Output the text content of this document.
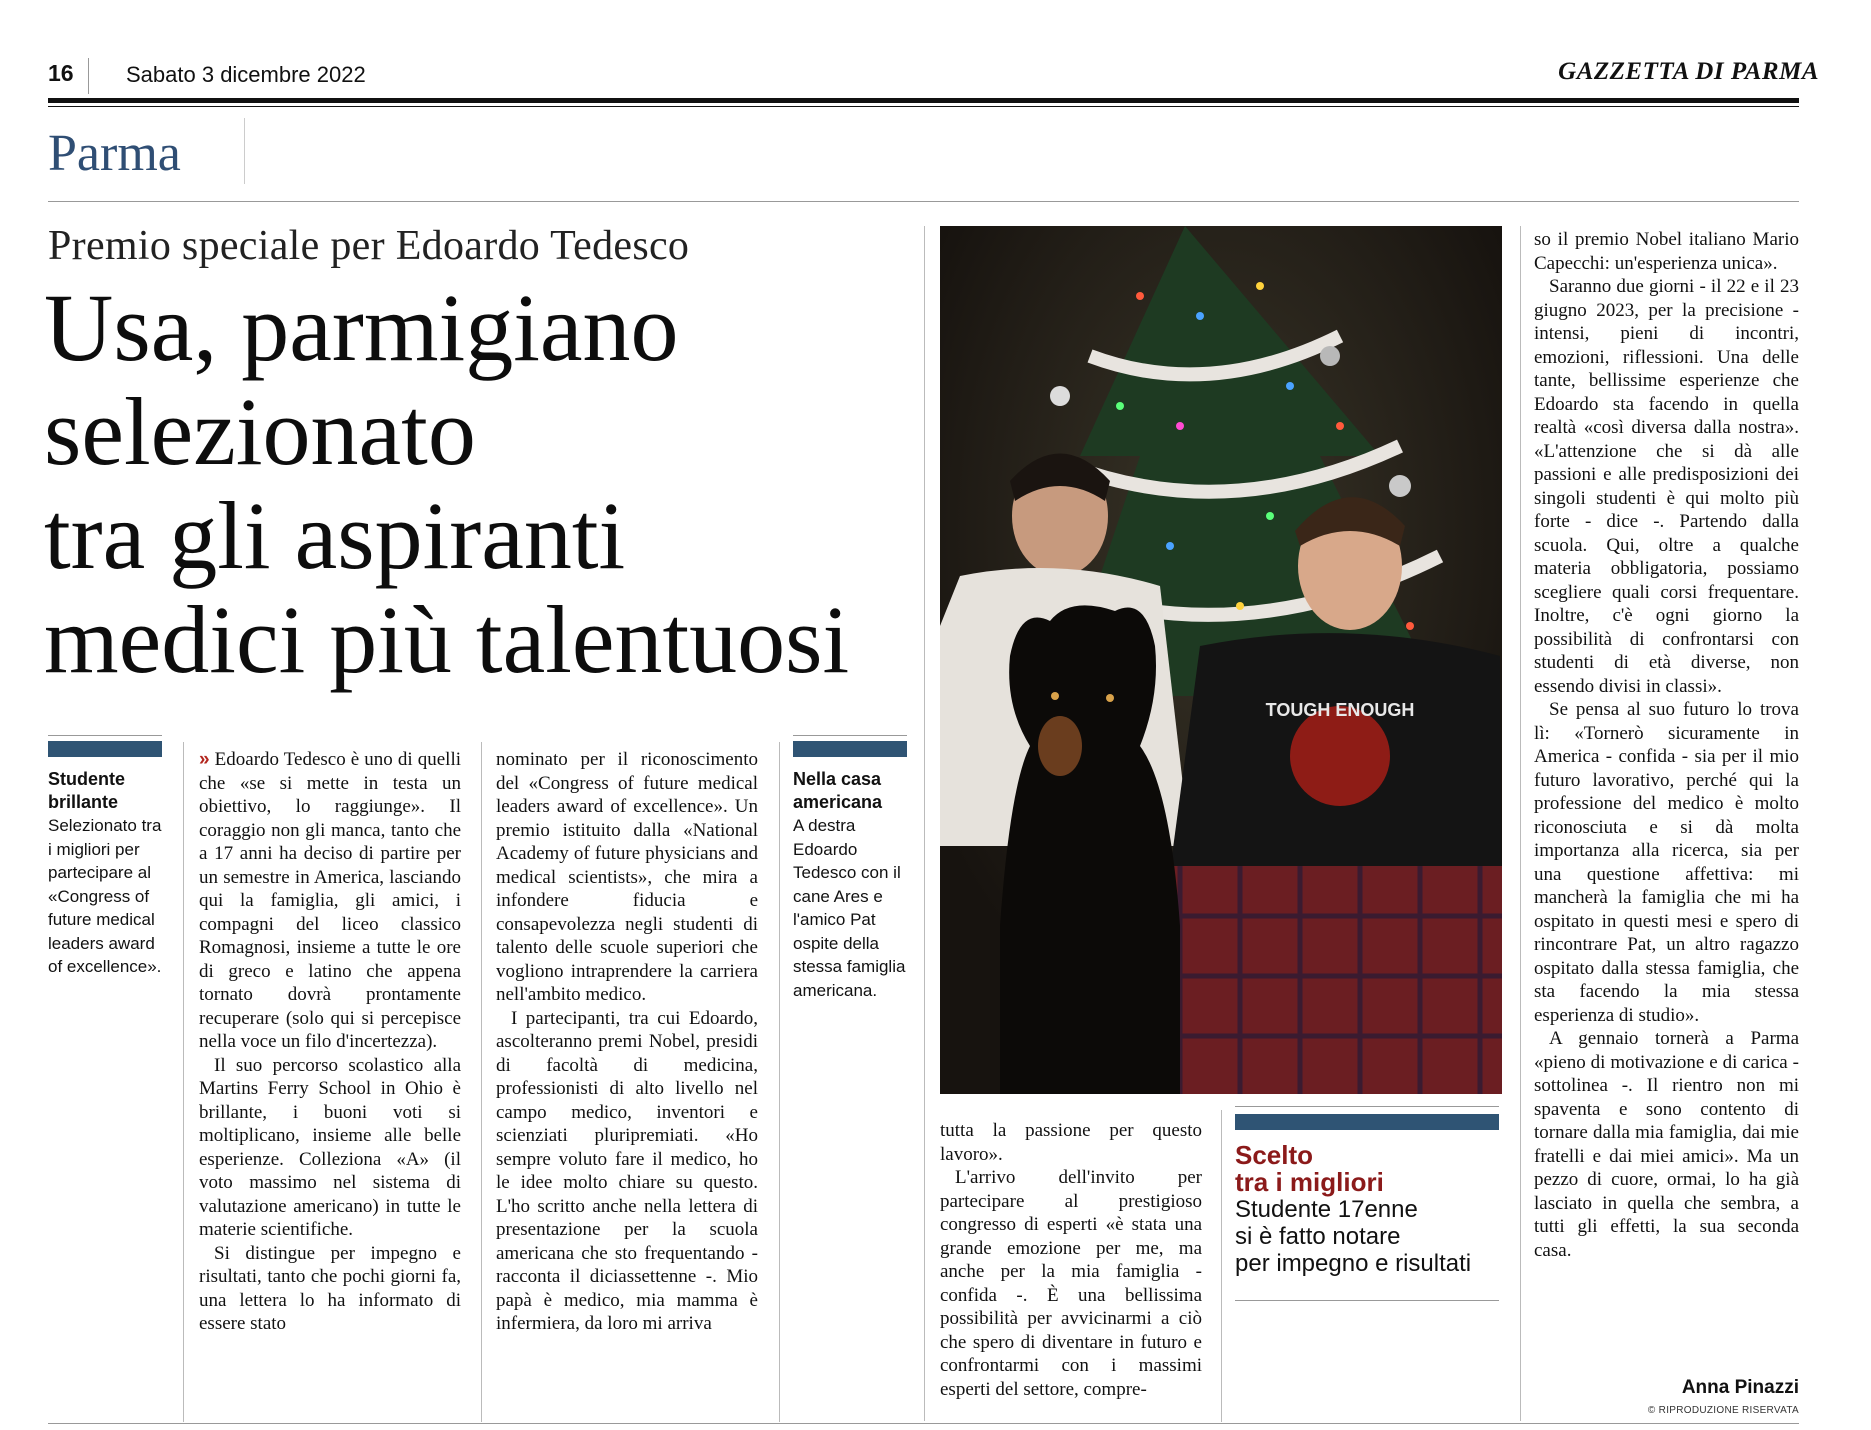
16 Sabato 3 dicembre 2022	GAZZETTA DI PARMA
Parma
Premio speciale per Edoardo Tedesco
Usa, parmigiano
selezionato
tra gli aspiranti
medici più talentuosi
Studente
brillante
Selezionato tra i migliori per partecipare al «Congress of future medical leaders award of excellence».

» Edoardo Tedesco è uno di quelli che «se si mette in testa un obiettivo, lo raggiunge». Il coraggio non gli manca, tanto che a 17 anni ha deciso di partire per un semestre in America, lasciando qui la famiglia, gli amici, i compagni del liceo classico Romagnosi, insieme a tutte le ore di greco e latino che appena tornato dovrà prontamente recuperare (solo qui si percepisce nella voce un filo d'incertezza).

Il suo percorso scolastico alla Martins Ferry School in Ohio è brillante, i buoni voti si moltiplicano, insieme alle belle esperienze. Colleziona «A» (il voto massimo nel sistema di valutazione americano) in tutte le materie scientifiche.

Si distingue per impegno e risultati, tanto che pochi giorni fa, una lettera lo ha informato di essere stato

nominato per il riconoscimento del «Congress of future medical leaders award of excellence». Un premio istituito dalla «National Academy of future physicians and medical scientists», che mira a infondere fiducia e consapevolezza negli studenti di talento delle scuole superiori che vogliono intraprendere la carriera nell'ambito medico.

I partecipanti, tra cui Edoardo, ascolteranno premi Nobel, presidi di facoltà di medicina, professionisti di alto livello nel campo medico, inventori e scienziati pluripremiati. «Ho sempre voluto fare il medico, ho le idee molto chiare su questo. L'ho scritto anche nella lettera di presentazione per la scuola americana che sto frequentando - racconta il diciassettenne -. Mio papà è medico, mia mamma è infermiera, da loro mi arriva

Nella casa
americana
A destra Edoardo Tedesco con il cane Ares e l'amico Pat ospite della stessa famiglia americana.
TOUGH ENOUGH

tutta la passione per questo lavoro».

L'arrivo dell'invito per partecipare al prestigioso congresso di esperti «è stata una grande emozione per me, ma anche per la mia famiglia - confida -. È una bellissima possibilità per avvicinarmi a ciò che spero di diventare in futuro e confrontarmi con i massimi esperti del settore, compre-

Scelto
tra i migliori
Studente 17enne
si è fatto notare
per impegno e risultati

so il premio Nobel italiano Mario Capecchi: un'esperienza unica».

Saranno due giorni - il 22 e il 23 giugno 2023, per la precisione - intensi, pieni di incontri, emozioni, riflessioni. Una delle tante, bellissime esperienze che Edoardo sta facendo in quella realtà «così diversa dalla nostra». «L'attenzione che si dà alle passioni e alle predisposizioni dei singoli studenti è qui molto più forte - dice -. Partendo dalla scuola. Qui, oltre a qualche materia obbligatoria, possiamo scegliere quali corsi frequentare. Inoltre, c'è ogni giorno la possibilità di confrontarsi con studenti di età diverse, non essendo divisi in classi».

Se pensa al suo futuro lo trova lì: «Tornerò sicuramente in America - confida - sia per il mio futuro lavorativo, perché qui la professione del medico è molto riconosciuta e si dà molta importanza alla ricerca, sia per una questione affettiva: mi mancherà la famiglia che mi ha ospitato in questi mesi e spero di rincontrare Pat, un altro ragazzo ospitato dalla stessa famiglia, che sta facendo la mia stessa esperienza di studio».

A gennaio tornerà a Parma «pieno di motivazione e di carica - sottolinea -. Il rientro non mi spaventa e sono contento di tornare dalla mia famiglia, dai mie fratelli e dai miei amici». Ma un pezzo di cuore, ormai, lo ha già lasciato in quella che sembra, a tutti gli effetti, la sua seconda casa.

Anna Pinazzi
© RIPRODUZIONE RISERVATA
